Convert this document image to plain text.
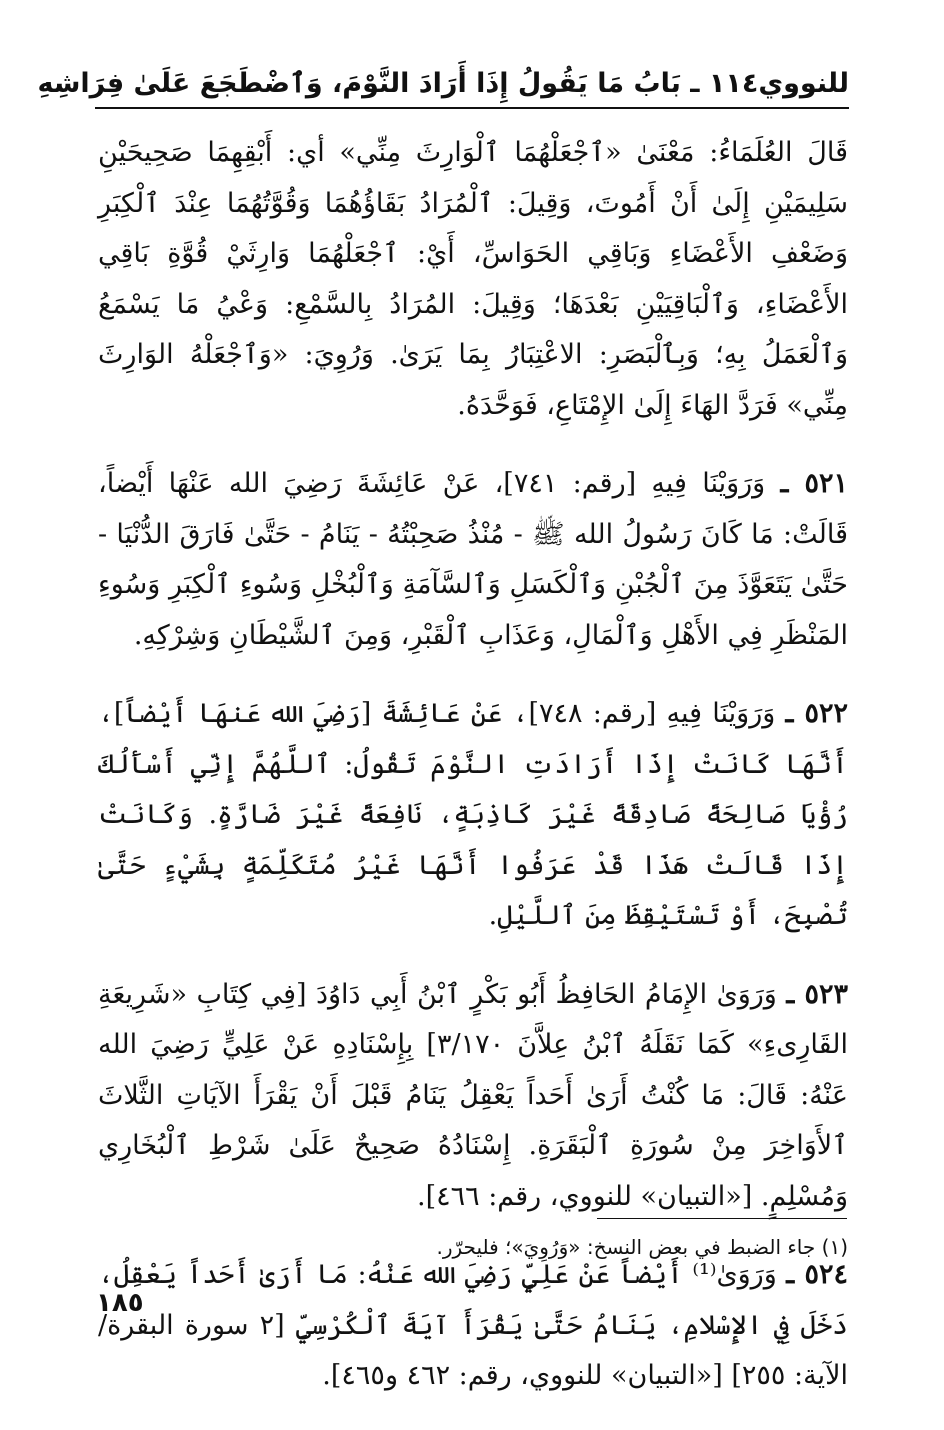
للنووي
١١٤ ـ بَابُ مَا يَقُولُ إِذَا أَرَادَ النَّوْمَ، وَٱضْطَجَعَ عَلَىٰ فِرَاشِهِ

قَالَ العُلَمَاءُ: مَعْنَىٰ «ٱجْعَلْهُمَا ٱلْوَارِثَ مِنِّي» أي: أَبْقِهِمَا صَحِيحَيْنِ سَلِيمَيْنِ إِلَىٰ أَنْ أَمُوتَ، وَقِيلَ: ٱلْمُرَادُ بَقَاؤُهُمَا وَقُوَّتُهُمَا عِنْدَ ٱلْكِبَرِ وَضَعْفِ الأَعْضَاءِ وَبَاقِي الحَوَاسِّ، أَيْ: ٱجْعَلْهُمَا وَارِثَيْ قُوَّةِ بَاقِي الأَعْضَاءِ، وَٱلْبَاقِيَيْنِ بَعْدَهَا؛ وَقِيلَ: المُرَادُ بِالسَّمْعِ: وَعْيُ مَا يَسْمَعُ وَٱلْعَمَلُ بِهِ؛ وَبِٱلْبَصَرِ: الاعْتِبَارُ بِمَا يَرَىٰ. وَرُوِيَ: «وَٱجْعَلْهُ الوَارِثَ مِنِّي» فَرَدَّ الهَاءَ إِلَىٰ الإِمْتَاعِ، فَوَحَّدَهُ.

٥٢١ ـ وَرَوَيْنَا فِيهِ [رقم: ٧٤١]، عَنْ عَائِشَةَ رَضِيَ الله عَنْهَا أَيْضاً، قَالَتْ: مَا كَانَ رَسُولُ الله ﷺ - مُنْذُ صَحِبْتُهُ - يَنَامُ - حَتَّىٰ فَارَقَ الدُّنْيَا - حَتَّىٰ يَتَعَوَّذَ مِنَ ٱلْجُبْنِ وَٱلْكَسَلِ وَٱلسَّآمَةِ وَٱلْبُخْلِ وَسُوءِ ٱلْكِبَرِ وَسُوءِ المَنْظَرِ فِي الأَهْلِ وَٱلْمَالِ، وَعَذَابِ ٱلْقَبْرِ، وَمِنَ ٱلشَّيْطَانِ وَشِرْكِهِ.

٥٢٢ ـ وَرَوَيْنَا فِيهِ [رقم: ٧٤٨]، عَنْ عَائِشَةَ [رَضِيَ الله عَنهَا أَيْضاً]، أَنَّهَا كَانَتْ إِذَا أَرَادَتِ النَّوْمَ تَقُولُ: ٱللَّهُمَّ إِنِّي أَسْأَلُكَ رُؤْيَا صَالِحَةً صَادِقَةً غَيْرَ كَاذِبَةٍ، نَافِعَةً غَيْرَ ضَارَّةٍ. وَكَانَتْ إِذَا قَالَتْ هَذَا قَدْ عَرَفُوا أَنَّهَا غَيْرُ مُتَكَلِّمَةٍ بِشَيْءٍ حَتَّىٰ تُصْبِحَ، أَوْ تَسْتَيْقِظَ مِنَ ٱللَّيْلِ.

٥٢٣ ـ وَرَوَىٰ الإِمَامُ الحَافِظُ أَبُو بَكْرٍ ٱبْنُ أَبِي دَاوُدَ [فِي كِتَابِ «شَرِيعَةِ القَارِىءِ» كَمَا نَقَلَهُ ٱبْنُ عِلاَّنَ ٣/١٧٠] بِإِسْنَادِهِ عَنْ عَلِيٍّ رَضِيَ الله عَنْهُ: قَالَ: مَا كُنْتُ أَرَىٰ أَحَداً يَعْقِلُ يَنَامُ قَبْلَ أَنْ يَقْرَأَ الآيَاتِ الثَّلاثَ ٱلأَوَاخِرَ مِنْ سُورَةِ ٱلْبَقَرَةِ. إِسْنَادُهُ صَحِيحٌ عَلَىٰ شَرْطِ ٱلْبُخَارِي وَمُسْلِمٍ. [«التبيان» للنووي، رقم: ٤٦٦].

٥٢٤ ـ وَرَوَىٰ⁽¹⁾ أَيْضاً عَنْ عَلِيٍّ رَضِيَ الله عَنْهُ: مَا أَرَىٰ أَحَداً يَعْقِلُ، دَخَلَ فِي الإِسْلامِ، يَنَامُ حَتَّىٰ يَقْرَأَ آيَةَ ٱلْكُرْسِيِّ [٢ سورة البقرة/ الآية: ٢٥٥] [«التبيان» للنووي، رقم: ٤٦٢ و٤٦٥].

(١) جاء الضبط في بعض النسخ: «وَرُوِيَ»؛ فليحرّر.
١٨٥
